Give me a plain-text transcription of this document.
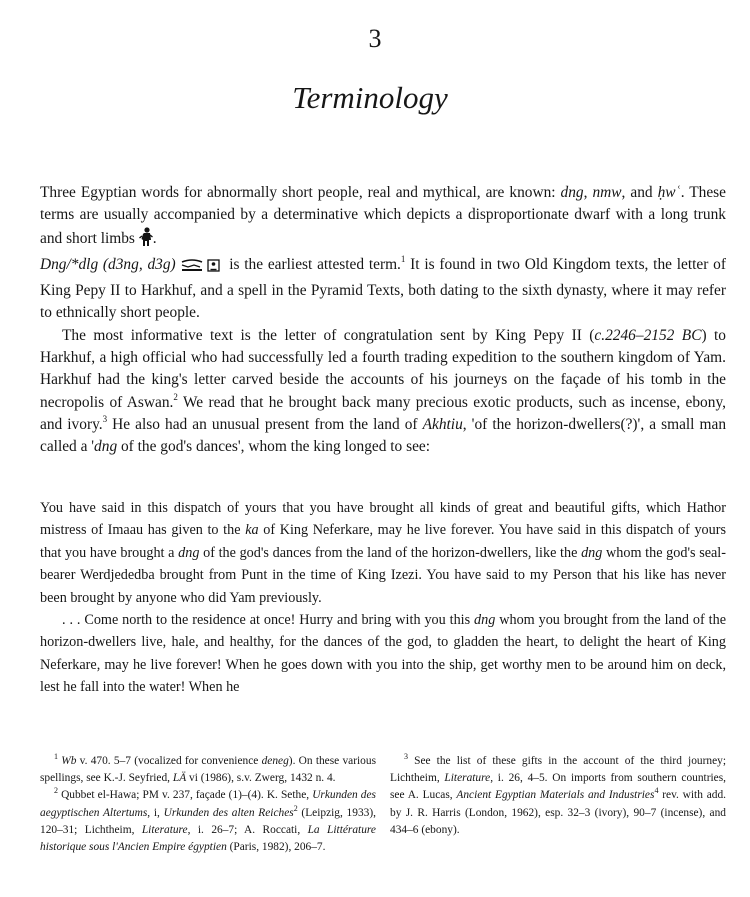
3
Terminology

Three Egyptian words for abnormally short people, real and mythical, are known: dng, nmw, and ḥwʿ. These terms are usually accompanied by a determinative which depicts a disproportionate dwarf with a long trunk and short limbs .

Dng/*dlg (d3ng, d3g)	is the earliest attested term.$^1$ It is found in two Old Kingdom texts, the letter of King Pepy II to Harkhuf, and a spell in the Pyramid Texts, both dating to the sixth dynasty, where it may refer to ethnically short people.

The most informative text is the letter of congratulation sent by King Pepy II (c.2246–2152 BC) to Harkhuf, a high official who had successfully led a fourth trading expedition to the southern kingdom of Yam. Harkhuf had the king's letter carved beside the accounts of his journeys on the façade of his tomb in the necropolis of Aswan.$^2$ We read that he brought back many precious exotic products, such as incense, ebony, and ivory.$^3$ He also had an unusual present from the land of Akhtiu, 'of the horizon-dwellers(?)', a small man called a 'dng of the god's dances', whom the king longed to see:

You have said in this dispatch of yours that you have brought all kinds of great and beautiful gifts, which Hathor mistress of Imaau has given to the ka of King Neferkare, may he live forever. You have said in this dispatch of yours that you have brought a dng of the god's dances from the land of the horizon-dwellers, like the dng whom the god's seal-bearer Werdjededba brought from Punt in the time of King Izezi. You have said to my Person that his like has never been brought by anyone who did Yam previously.

. . . Come north to the residence at once! Hurry and bring with you this dng whom you brought from the land of the horizon-dwellers live, hale, and healthy, for the dances of the god, to gladden the heart, to delight the heart of King Neferkare, may he live forever! When he goes down with you into the ship, get worthy men to be around him on deck, lest he fall into the water! When he

$^1$ Wb v. 470. 5–7 (vocalized for convenience deneg). On these various spellings, see K.-J. Seyfried, LÄ vi (1986), s.v. Zwerg, 1432 n. 4.

$^2$ Qubbet el-Hawa; PM v. 237, façade (1)–(4). K. Sethe, Urkunden des aegyptischen Altertums, i, Urkunden des alten Reiches$^2$ (Leipzig, 1933), 120–31; Lichtheim, Literature, i. 26–7; A. Roccati, La Littérature historique sous l'Ancien Empire égyptien (Paris, 1982), 206–7.

$^3$ See the list of these gifts in the account of the third journey; Lichtheim, Literature, i. 26, 4–5. On imports from southern countries, see A. Lucas, Ancient Egyptian Materials and Industries$^4$ rev. with add. by J. R. Harris (London, 1962), esp. 32–3 (ivory), 90–7 (incense), and 434–6 (ebony).
